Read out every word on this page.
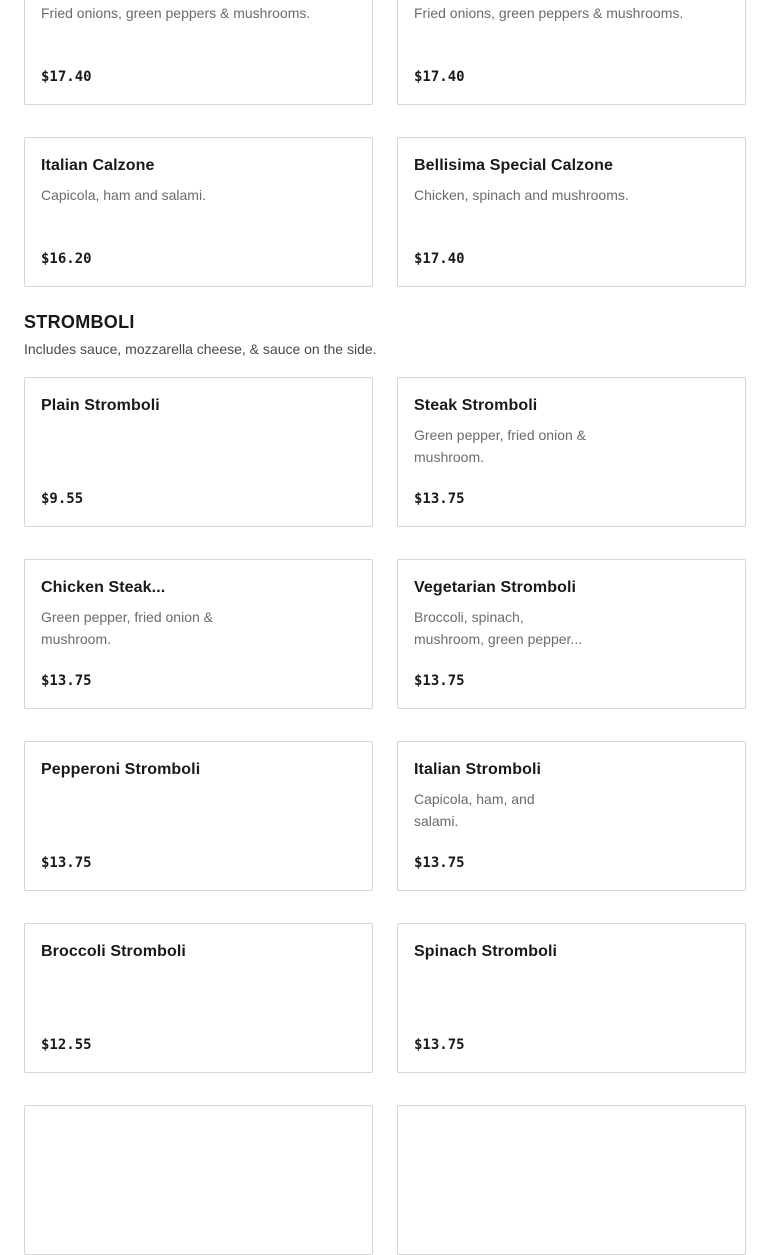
Fried onions, green peppers & mushrooms.
$17.40
Fried onions, green peppers & mushrooms.
$17.40
Italian Calzone
Capicola, ham and salami.
$16.20
Bellisima Special Calzone
Chicken, spinach and mushrooms.
$17.40
STROMBOLI
Includes sauce, mozzarella cheese, & sauce on the side.
Plain Stromboli
$9.55
Steak Stromboli
Green pepper, fried onion & mushroom.
$13.75
Chicken Steak...
Green pepper, fried onion & mushroom.
$13.75
Vegetarian Stromboli
Broccoli, spinach, mushroom, green pepper...
$13.75
Pepperoni Stromboli
$13.75
Italian Stromboli
Capicola, ham, and salami.
$13.75
Broccoli Stromboli
$12.55
Spinach Stromboli
$13.75
